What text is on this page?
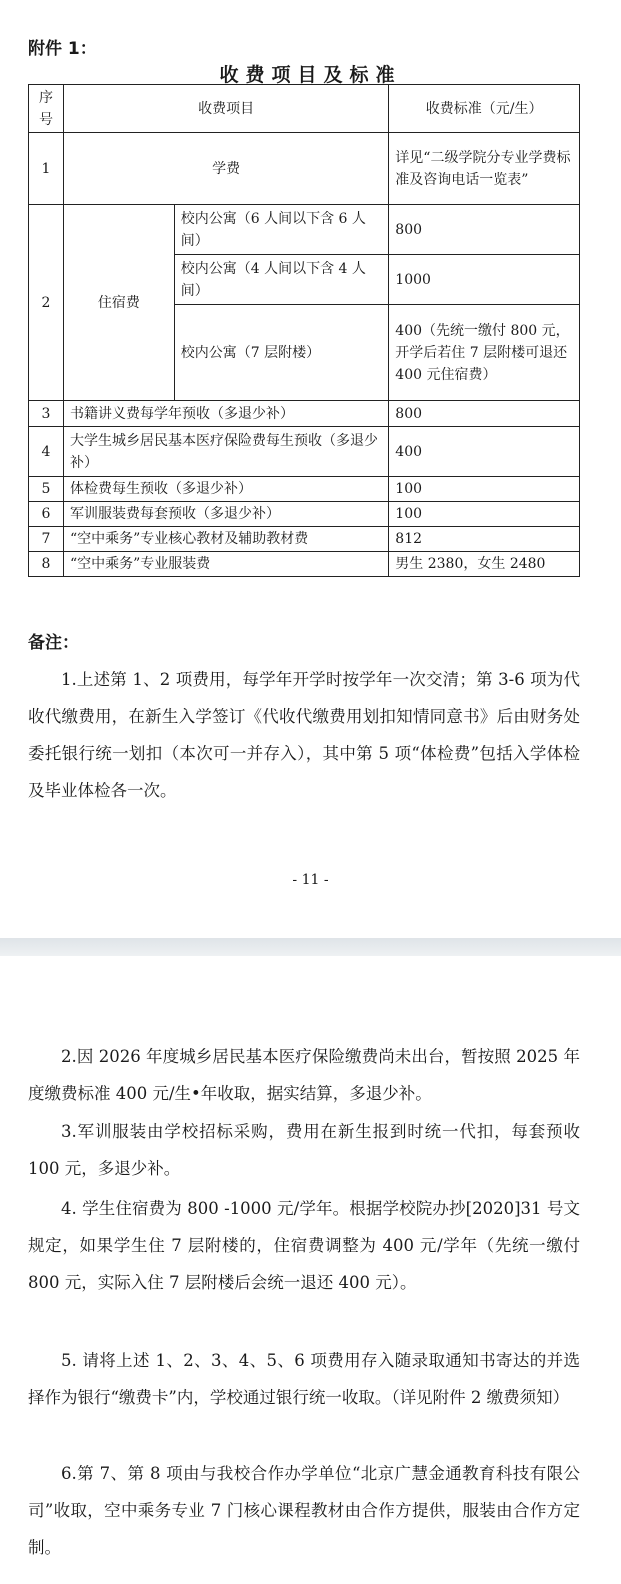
附件 1：
收费项目及标准
序号	收费项目		收费标准（元/生）
1	学费		详见“二级学院分专业学费标准及咨询电话一览表”
2	住宿费	校内公寓（6 人间以下含 6 人间）	800
		校内公寓（4 人间以下含 4 人间）	1000
		校内公寓（7 层附楼）	400（先统一缴付 800 元，开学后若住 7 层附楼可退还 400 元住宿费）
3	书籍讲义费每学年预收（多退少补）		800
4	大学生城乡居民基本医疗保险费每生预收（多退少补）		400
5	体检费每生预收（多退少补）		100
6	军训服装费每套预收（多退少补）		100
7	“空中乘务”专业核心教材及辅助教材费		812
8	“空中乘务”专业服装费		男生 2380，女生 2480
备注：

1.上述第 1、2 项费用，每学年开学时按学年一次交清；第 3-6 项为代收代缴费用，在新生入学签订《代收代缴费用划扣知情同意书》后由财务处委托银行统一划扣（本次可一并存入），其中第 5 项“体检费”包括入学体检及毕业体检各一次。

- 11 -

2.因 2026 年度城乡居民基本医疗保险缴费尚未出台，暂按照 2025 年度缴费标准 400 元/生•年收取，据实结算，多退少补。

3.军训服装由学校招标采购，费用在新生报到时统一代扣，每套预收 100 元，多退少补。

4. 学生住宿费为 800 -1000 元/学年。根据学校院办抄[2020]31 号文规定，如果学生住 7 层附楼的，住宿费调整为 400 元/学年（先统一缴付 800 元，实际入住 7 层附楼后会统一退还 400 元）。

5. 请将上述 1、2、3、4、5、6 项费用存入随录取通知书寄达的并选择作为银行“缴费卡”内，学校通过银行统一收取。（详见附件 2 缴费须知）

6.第 7、第 8 项由与我校合作办学单位“北京广慧金通教育科技有限公司”收取，空中乘务专业 7 门核心课程教材由合作方提供，服装由合作方定制。
